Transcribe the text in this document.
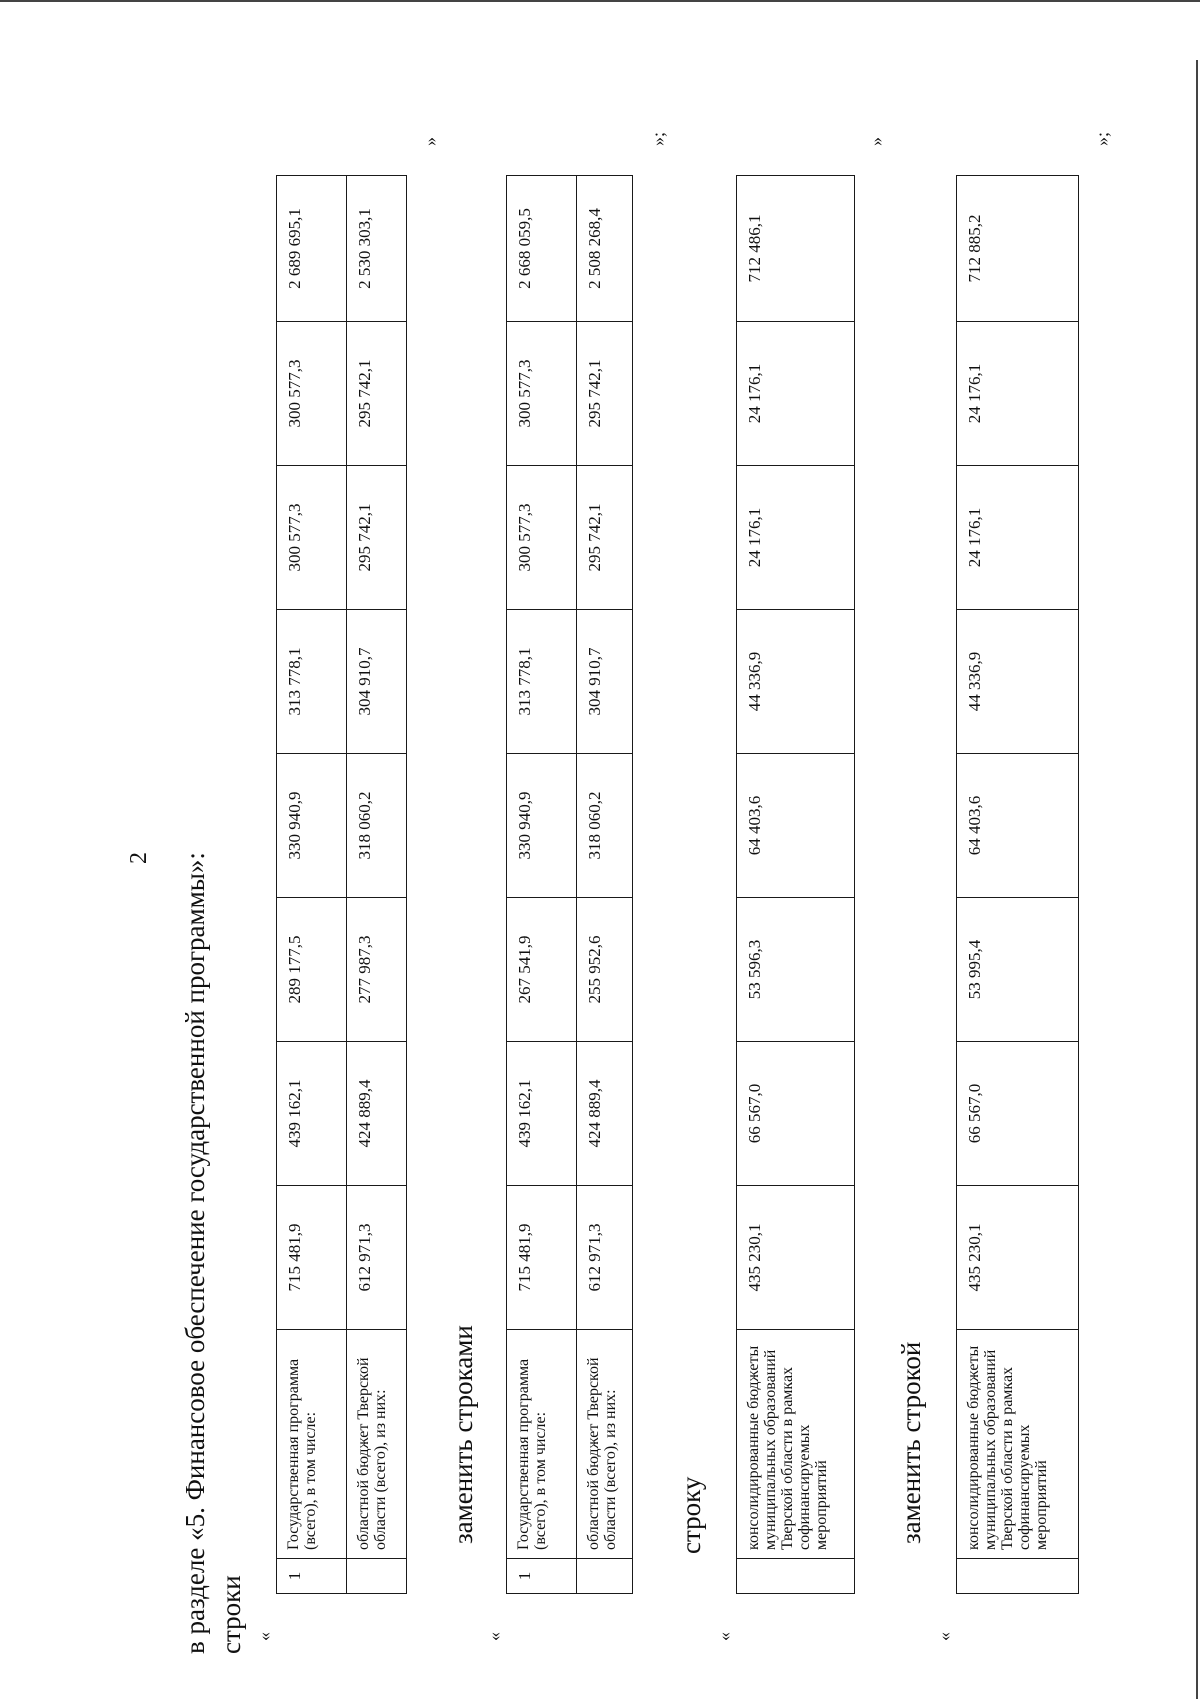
2 в разделе «5. Финансовое обеспечение государственной программы»: строки «
1	Государственная программа (всего), в том числе:	715 481,9	439 162,1	289 177,5	330 940,9	313 778,1	300 577,3	300 577,3	2 689 695,1
	областной бюджет Тверской области (всего), из них:	612 971,3	424 889,4	277 987,3	318 060,2	304 910,7	295 742,1	295 742,1	2 530 303,1
»
заменить строками
«
1	Государственная программа (всего), в том числе:	715 481,9	439 162,1	267 541,9	330 940,9	313 778,1	300 577,3	300 577,3	2 668 059,5
	областной бюджет Тверской области (всего), из них:	612 971,3	424 889,4	255 952,6	318 060,2	304 910,7	295 742,1	295 742,1	2 508 268,4
»;
строку
«
	консолидированные бюджеты муниципальных образований Тверской области в рамках софинансируемых мероприятий	435 230,1	66 567,0	53 596,3	64 403,6	44 336,9	24 176,1	24 176,1	712 486,1
»
заменить строкой
«
	консолидированные бюджеты муниципальных образований Тверской области в рамках софинансируемых мероприятий	435 230,1	66 567,0	53 995,4	64 403,6	44 336,9	24 176,1	24 176,1	712 885,2
»;
